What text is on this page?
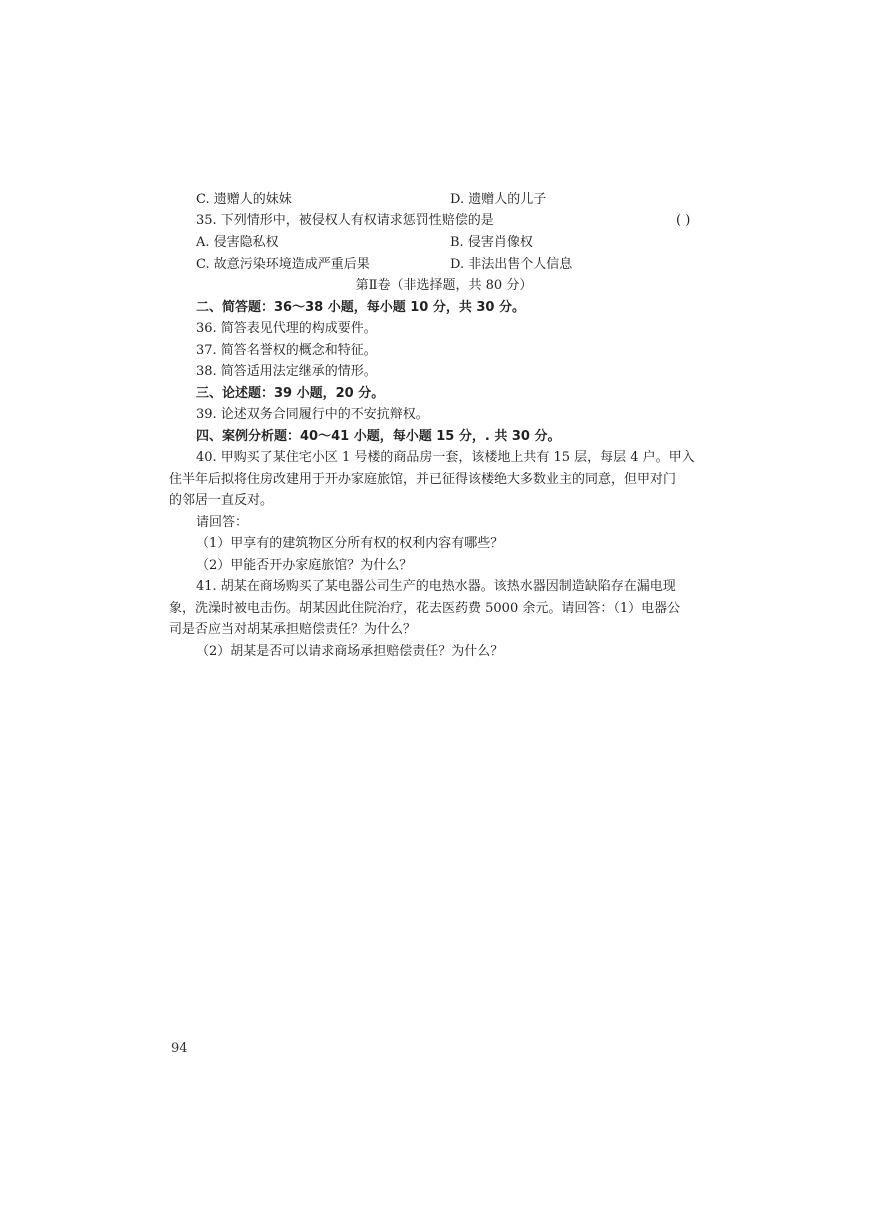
C. 遗赠人的妹妹	D. 遗赠人的儿子
35. 下列情形中，被侵权人有权请求惩罚性赔偿的是	( )
A. 侵害隐私权	B. 侵害肖像权
C. 故意污染环境造成严重后果	D. 非法出售个人信息
第Ⅱ卷（非选择题，共 80 分）
二、简答题：36～38 小题，每小题 10 分，共 30 分。
36. 简答表见代理的构成要件。
37. 简答名誉权的概念和特征。
38. 简答适用法定继承的情形。
三、论述题：39 小题，20 分。
39. 论述双务合同履行中的不安抗辩权。
四、案例分析题：40～41 小题，每小题 15 分，. 共 30 分。
40. 甲购买了某住宅小区 1 号楼的商品房一套，该楼地上共有 15 层，每层 4 户。甲入
住半年后拟将住房改建用于开办家庭旅馆，并已征得该楼绝大多数业主的同意，但甲对门
的邻居一直反对。
请回答：
（1）甲享有的建筑物区分所有权的权利内容有哪些？
（2）甲能否开办家庭旅馆？为什么？
41. 胡某在商场购买了某电器公司生产的电热水器。该热水器因制造缺陷存在漏电现
象，洗澡时被电击伤。胡某因此住院治疗，花去医药费 5000 余元。请回答：（1）电器公
司是否应当对胡某承担赔偿责任？为什么？
（2）胡某是否可以请求商场承担赔偿责任？为什么？
94
